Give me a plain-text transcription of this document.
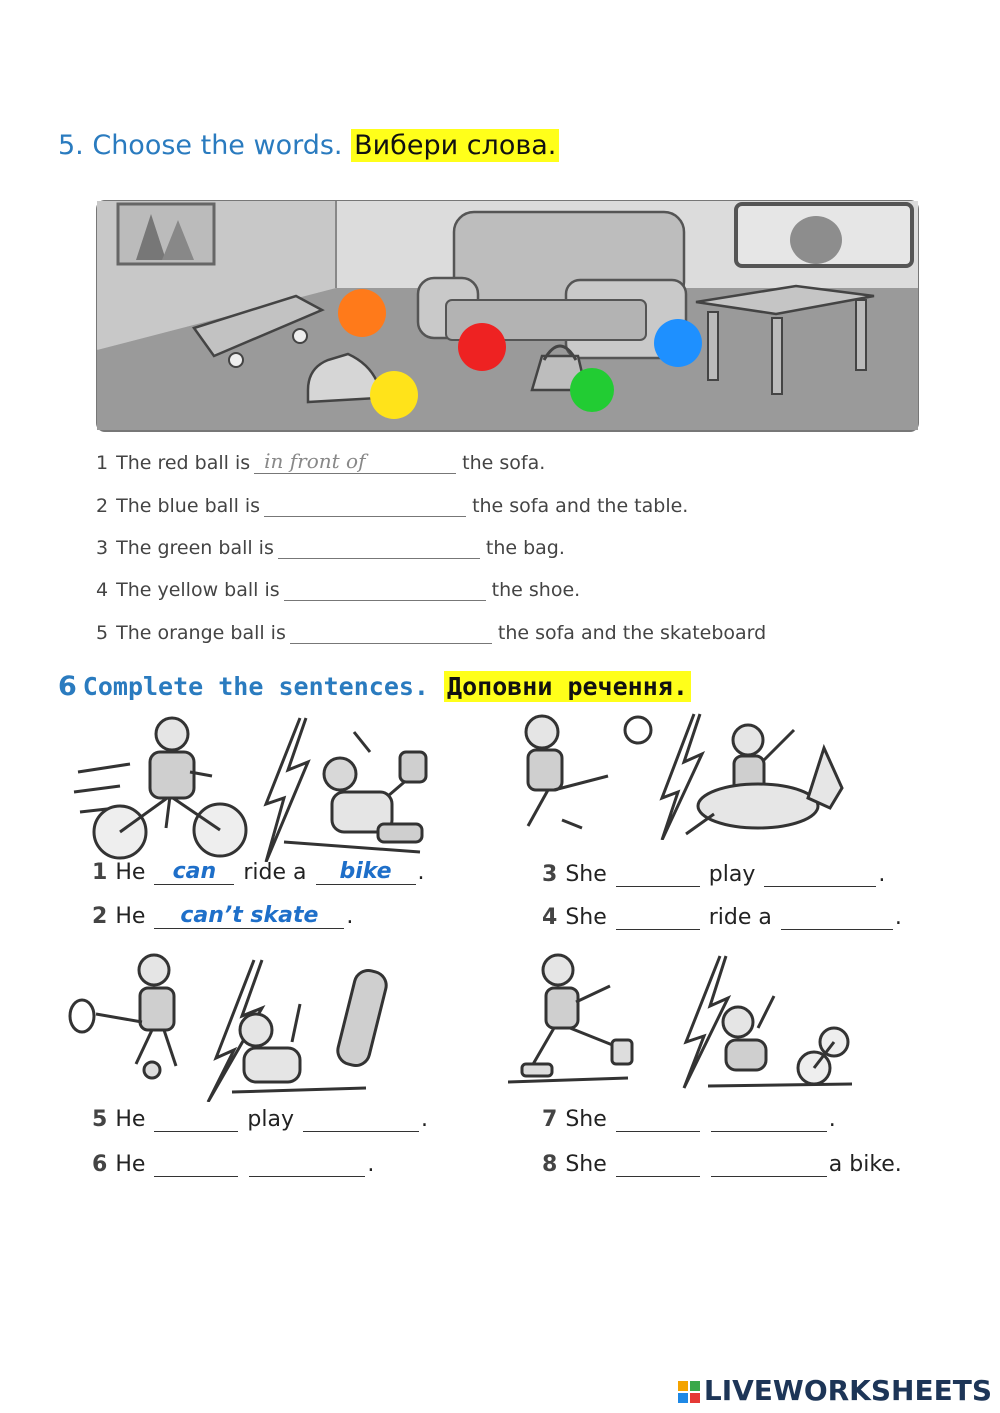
5. Choose the words. Вибери слова.
1 The red ball is in front of	the sofa.
2 The blue ball is	the sofa and the table.
3 The green ball is	the bag.
4 The yellow ball is	the shoe.
5 The orange ball is	the sofa and the skateboard
6 Complete the sentences. Доповни речення.
1 He	can	ride a	bike	.
2 He	can’t skate	.
3 She	play	.
4 She	ride a	.
5 He	play	.
6 He	.
7 She	.
8 She	a bike.
LIVEWORKSHEETS
